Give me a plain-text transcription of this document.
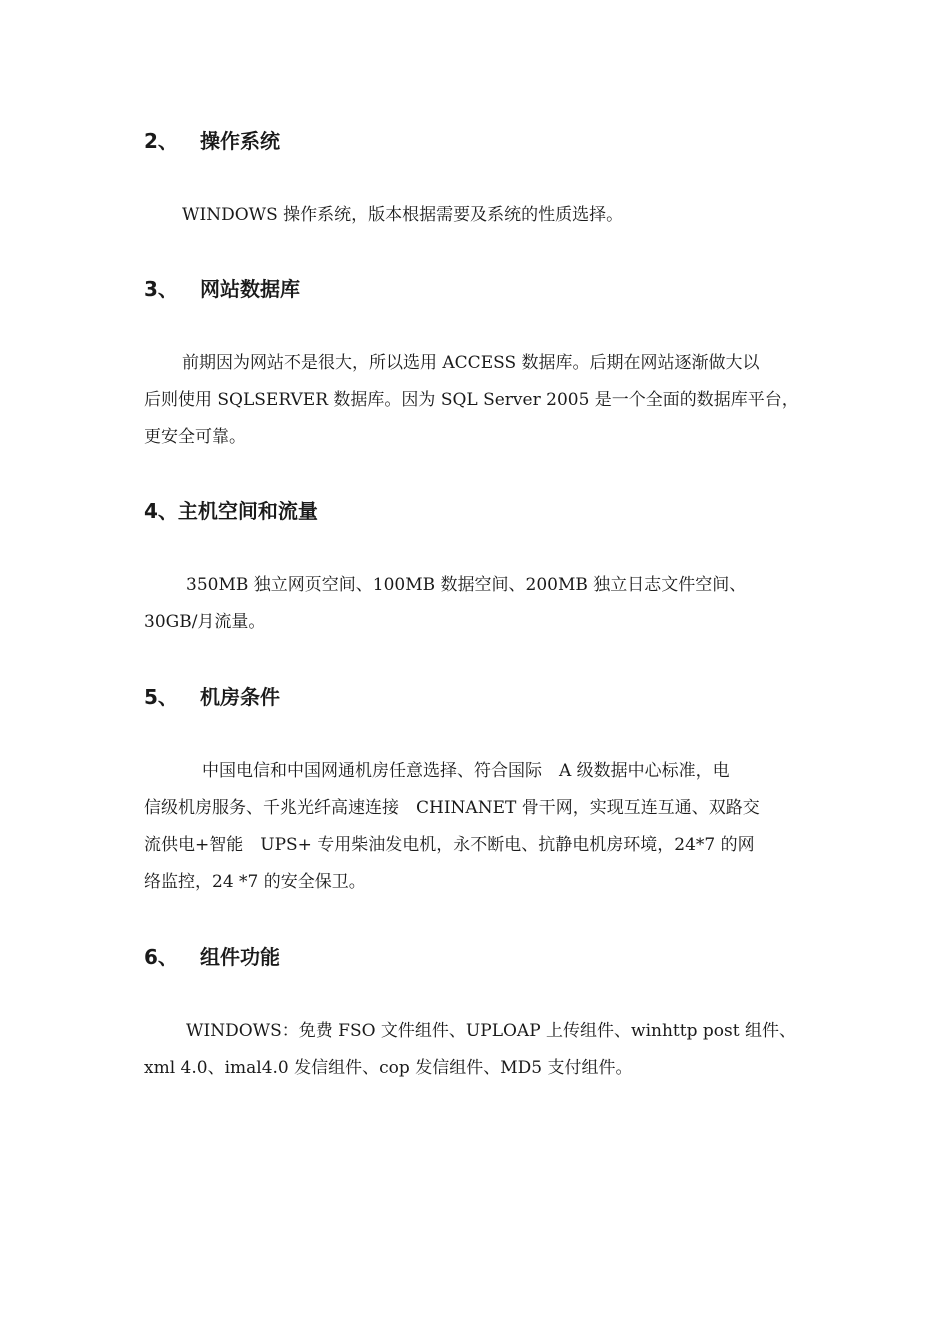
2、 操作系统
WINDOWS 操作系统，版本根据需要及系统的性质选择。
3、 网站数据库
前期因为网站不是很大，所以选用 ACCESS 数据库。后期在网站逐渐做大以
后则使用 SQLSERVER 数据库。因为 SQL Server 2005 是一个全面的数据库平台，
更安全可靠。
4、主机空间和流量
350MB 独立网页空间、100MB 数据空间、200MB 独立日志文件空间、
30GB/月流量。
5、 机房条件
中国电信和中国网通机房任意选择、符合国际　A 级数据中心标准，电
信级机房服务、千兆光纤高速连接　CHINANET 骨干网，实现互连互通、双路交
流供电+智能　UPS+ 专用柴油发电机，永不断电、抗静电机房环境，24*7 的网
络监控，24 *7 的安全保卫。
6、 组件功能
WINDOWS：免费 FSO 文件组件、UPLOAP 上传组件、winhttp post 组件、
xml 4.0、imal4.0 发信组件、cop 发信组件、MD5 支付组件。
